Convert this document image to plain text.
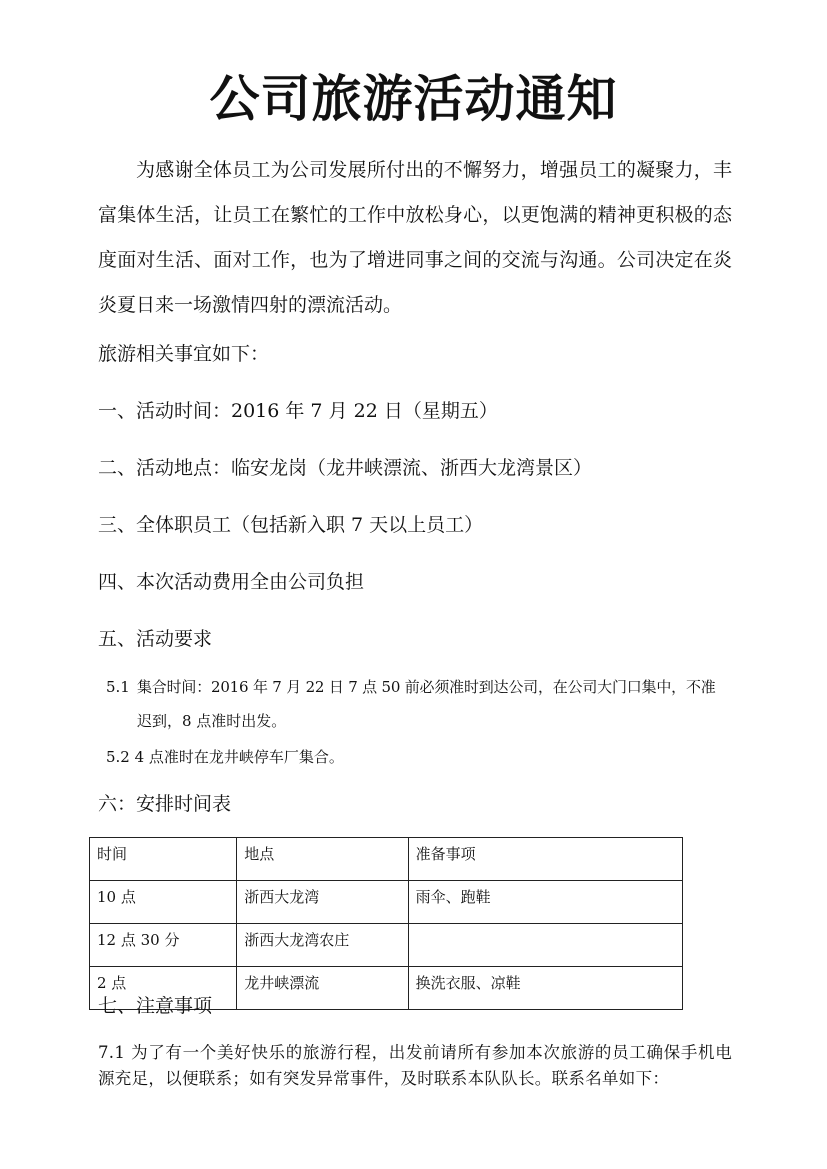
公司旅游活动通知

为感谢全体员工为公司发展所付出的不懈努力，增强员工的凝聚力，丰富集体生活，让员工在繁忙的工作中放松身心，以更饱满的精神更积极的态度面对生活、面对工作，也为了增进同事之间的交流与沟通。公司决定在炎炎夏日来一场激情四射的漂流活动。

旅游相关事宜如下：

一、活动时间：2016 年 7 月 22 日（星期五）

二、活动地点：临安龙岗（龙井峡漂流、浙西大龙湾景区）

三、全体职员工（包括新入职 7 天以上员工）

四、本次活动费用全由公司负担

五、活动要求

5.1 集合时间：2016 年 7 月 22 日 7 点 50 前必须准时到达公司，在公司大门口集中，不准

迟到，8 点准时出发。

5.2 4 点准时在龙井峡停车厂集合。

六：安排时间表

时间	地点	准备事项
10 点	浙西大龙湾	雨伞、跑鞋
12 点 30 分	浙西大龙湾农庄	
2 点	龙井峡漂流	换洗衣服、凉鞋

七、注意事项

7.1 为了有一个美好快乐的旅游行程，出发前请所有参加本次旅游的员工确保手机电源充足，以便联系；如有突发异常事件，及时联系本队队长。联系名单如下：
